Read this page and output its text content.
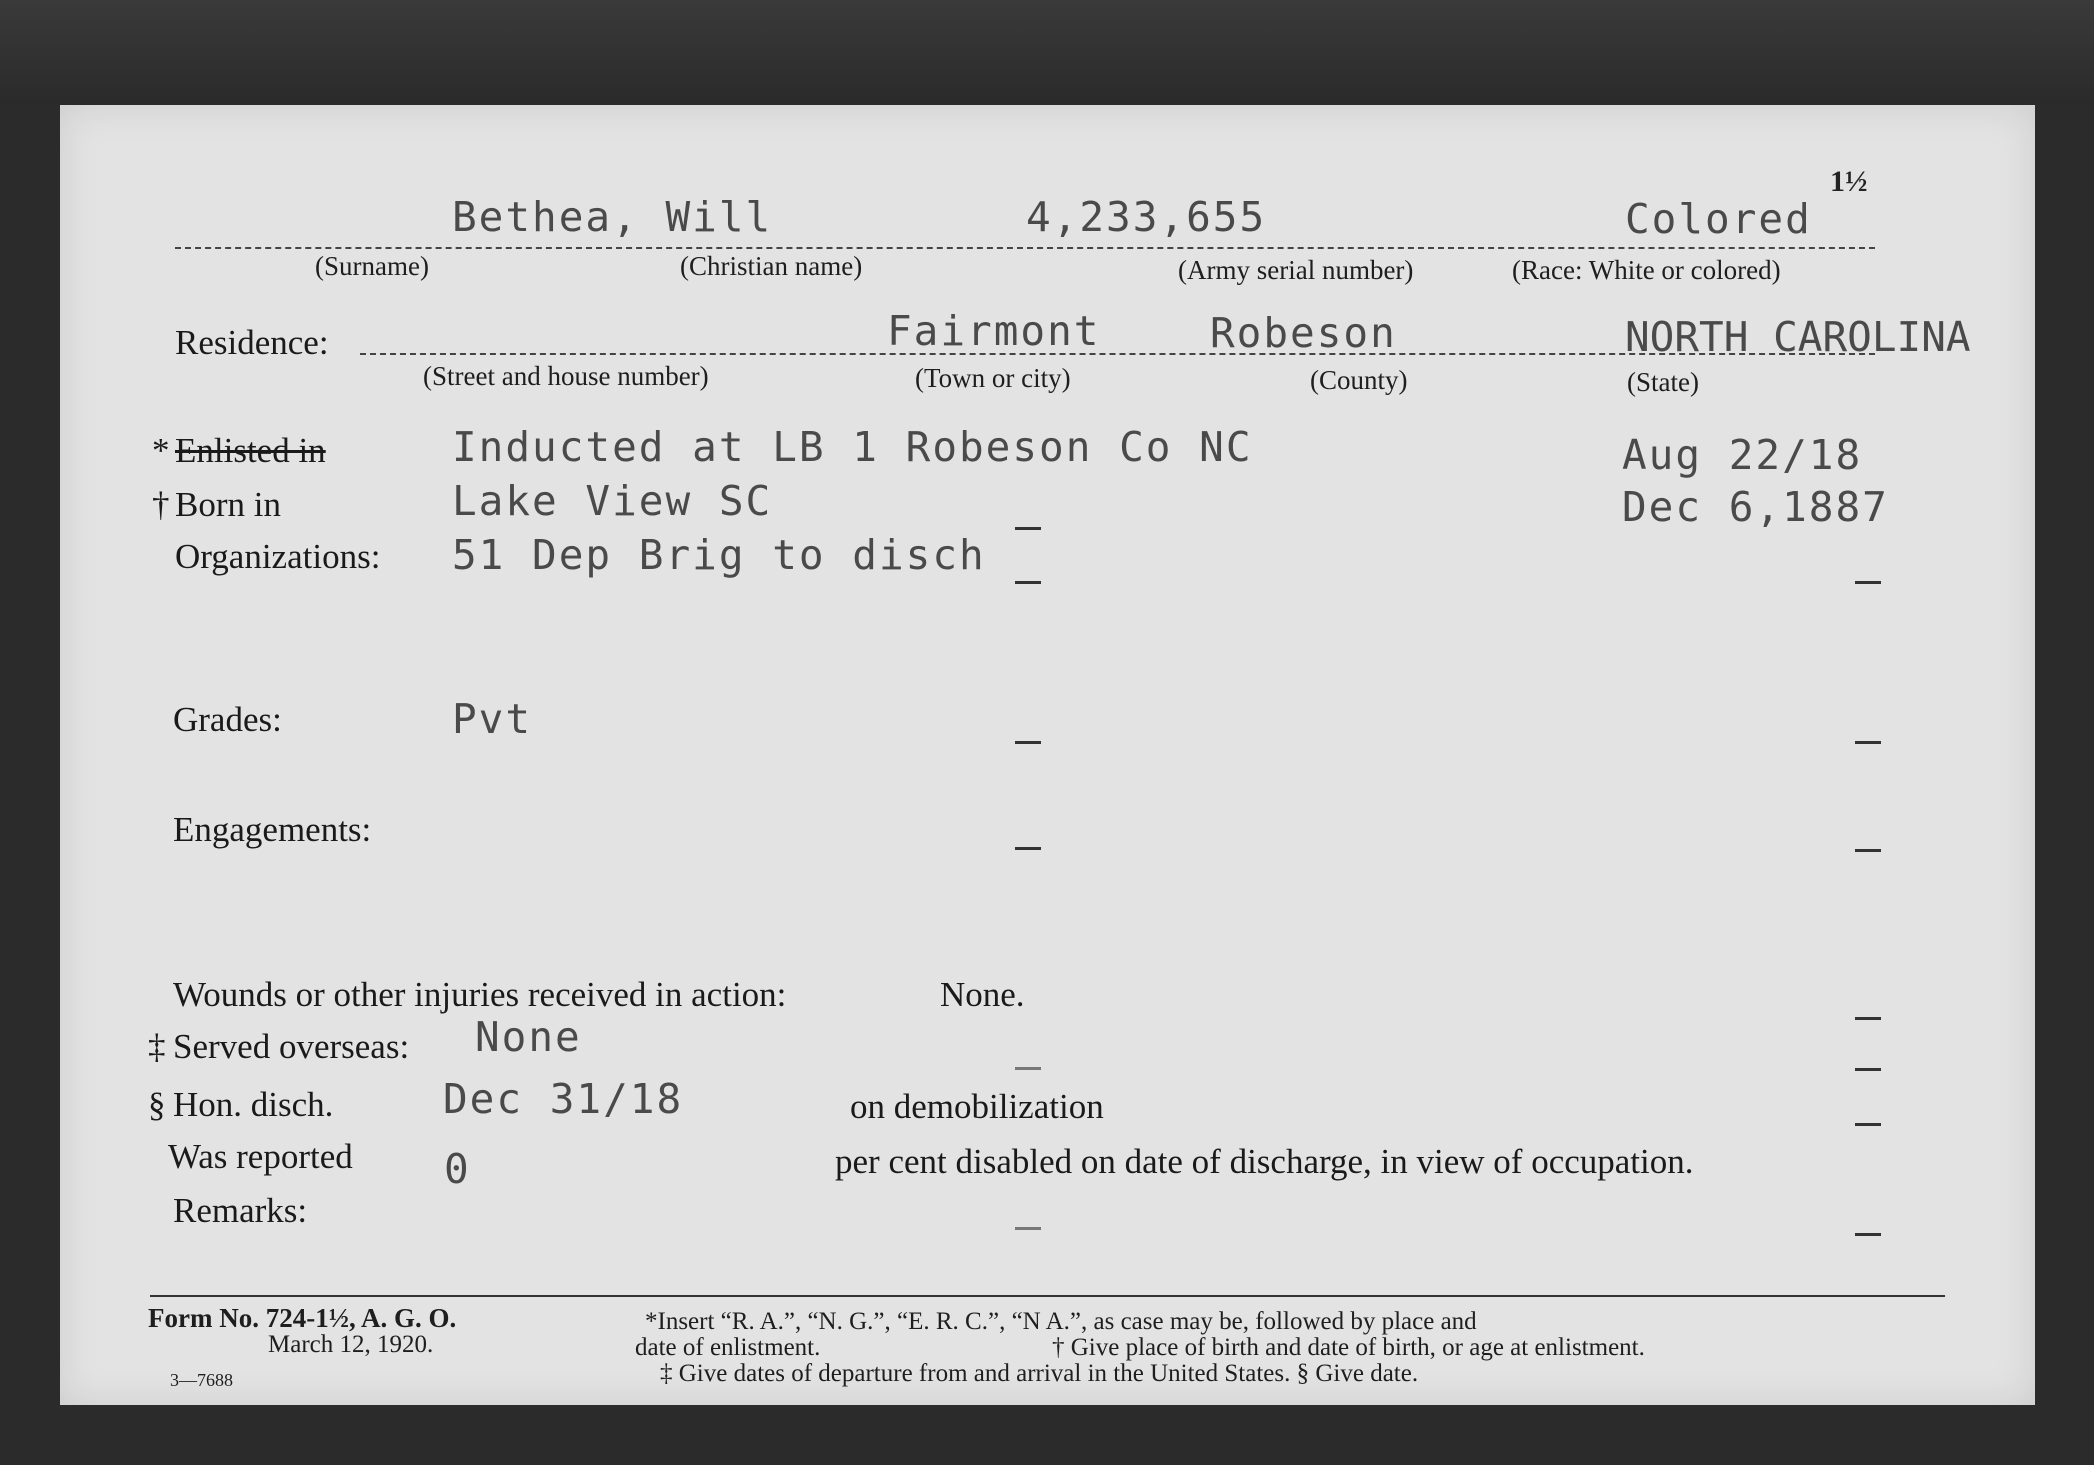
1½
Bethea, Will	4,233,655	Colored
(Surname)	(Christian name)	(Army serial number)	(Race: White or colored)
Residence:	Fairmont	Robeson	NORTH CAROLINA
(Street and house number)	(Town or city)	(County)	(State)
* Enlisted in	Inducted at LB 1 Robeson Co NC	Aug 22/18
† Born in	Lake View SC	Dec 6,1887
Organizations: 51 Dep Brig to disch
Grades:	Pvt
Engagements:
Wounds or other injuries received in action:	None.
‡ Served overseas: None
§ Hon. disch.	Dec 31/18	on demobilization
Was reported 0	per cent disabled on date of discharge, in view of occupation.
Remarks:
Form No. 724-1½, A. G. O.
March 12, 1920.
3—7688
*Insert “R. A.”, “N. G.”, “E. R. C.”, “N A.”, as case may be, followed by place and
date of enlistment.	† Give place of birth and date of birth, or age at enlistment.
‡ Give dates of departure from and arrival in the United States. § Give date.
